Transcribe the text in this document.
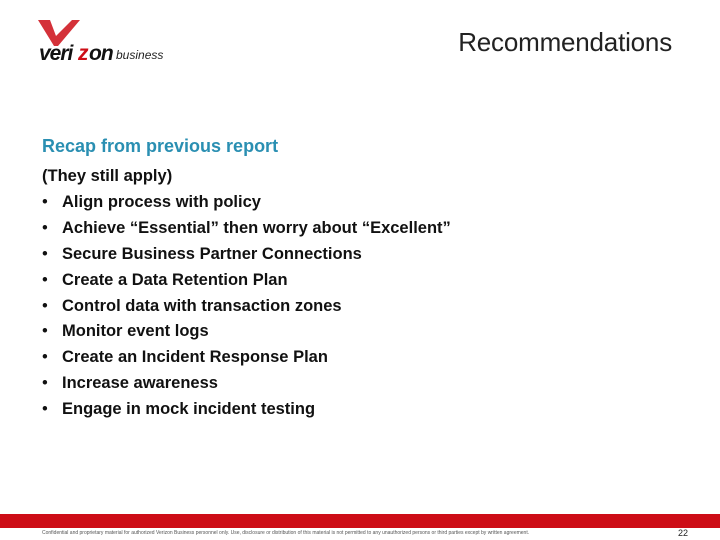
veri z on business	Recommendations
Recap from previous report
(They still apply)
• Align process with policy
• Achieve “Essential” then worry about “Excellent”
• Secure Business Partner Connections
• Create a Data Retention Plan
• Control data with transaction zones
• Monitor event logs
• Create an Incident Response Plan
• Increase awareness
• Engage in mock incident testing
Confidential and proprietary material for authorized Verizon Business personnel only. Use, disclosure or distribution of this material is not permitted to any unauthorized persons or third parties except by written agreement.	22
